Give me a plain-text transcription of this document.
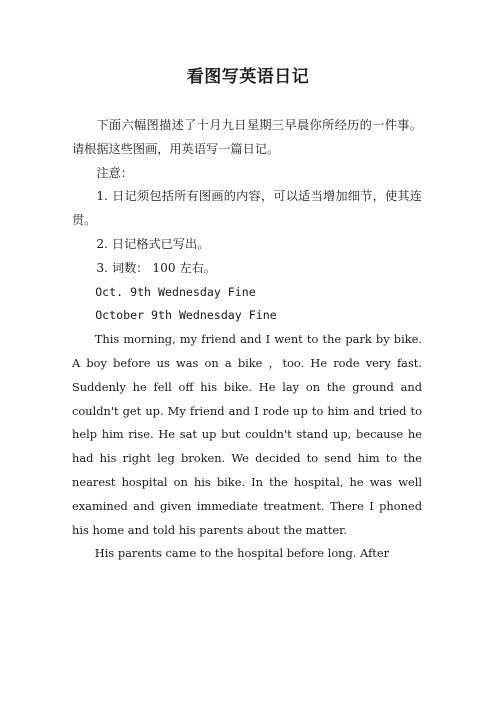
看图写英语日记

下面六幅图描述了十月九日星期三早晨你所经历的一件事。请根据这些图画，用英语写一篇日记。

注意：

1. 日记须包括所有图画的内容，可以适当增加细节，使其连贯。

2. 日记格式已写出。

3. 词数： 100 左右。

Oct. 9th Wednesday Fine

October 9th Wednesday Fine

This morning, my friend and I went to the park by bike. A boy before us was on a bike ，too. He rode very fast. Suddenly he fell off his bike. He lay on the ground and couldn't get up. My friend and I rode up to him and tried to help him rise. He sat up but couldn't stand up, because he had his right leg broken. We decided to send him to the nearest hospital on his bike. In the hospital, he was well examined and given immediate treatment. There I phoned his home and told his parents about the matter.

His parents came to the hospital before long. After
